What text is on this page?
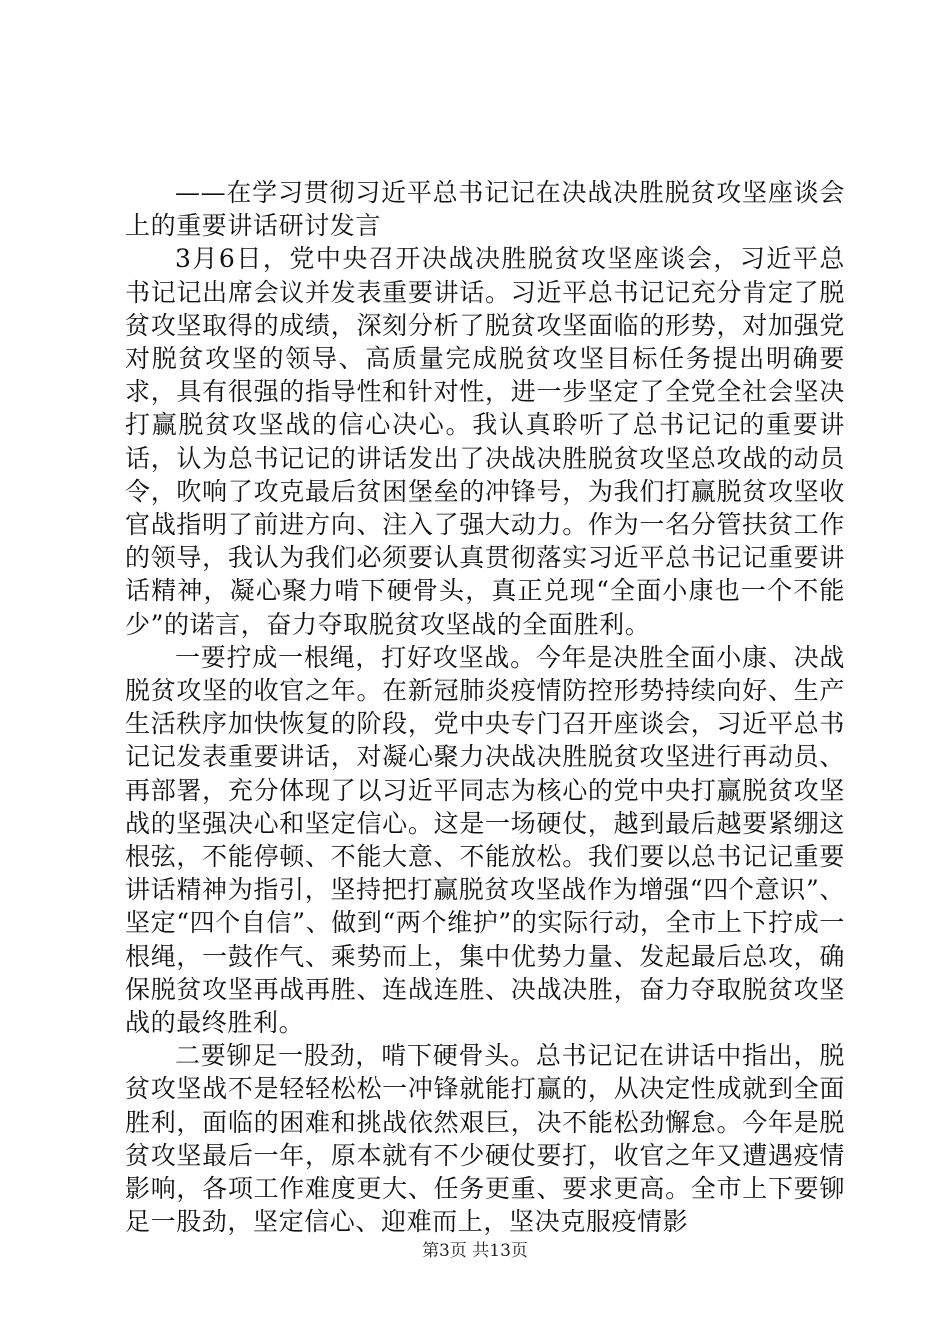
——在学习贯彻习近平总书记记在决战决胜脱贫攻坚座谈会上的重要讲话研讨发言

3月6日，党中央召开决战决胜脱贫攻坚座谈会，习近平总书记记出席会议并发表重要讲话。习近平总书记记充分肯定了脱贫攻坚取得的成绩，深刻分析了脱贫攻坚面临的形势，对加强党对脱贫攻坚的领导、高质量完成脱贫攻坚目标任务提出明确要求，具有很强的指导性和针对性，进一步坚定了全党全社会坚决打赢脱贫攻坚战的信心决心。我认真聆听了总书记记的重要讲话，认为总书记记的讲话发出了决战决胜脱贫攻坚总攻战的动员令，吹响了攻克最后贫困堡垒的冲锋号，为我们打赢脱贫攻坚收官战指明了前进方向、注入了强大动力。作为一名分管扶贫工作的领导，我认为我们必须要认真贯彻落实习近平总书记记重要讲话精神，凝心聚力啃下硬骨头，真正兑现“全面小康也一个不能少”的诺言，奋力夺取脱贫攻坚战的全面胜利。

一要拧成一根绳，打好攻坚战。今年是决胜全面小康、决战脱贫攻坚的收官之年。在新冠肺炎疫情防控形势持续向好、生产生活秩序加快恢复的阶段，党中央专门召开座谈会，习近平总书记记发表重要讲话，对凝心聚力决战决胜脱贫攻坚进行再动员、再部署，充分体现了以习近平同志为核心的党中央打赢脱贫攻坚战的坚强决心和坚定信心。这是一场硬仗，越到最后越要紧绷这根弦，不能停顿、不能大意、不能放松。我们要以总书记记重要讲话精神为指引，坚持把打赢脱贫攻坚战作为增强“四个意识”、坚定“四个自信”、做到“两个维护”的实际行动，全市上下拧成一根绳，一鼓作气、乘势而上，集中优势力量、发起最后总攻，确保脱贫攻坚再战再胜、连战连胜、决战决胜，奋力夺取脱贫攻坚战的最终胜利。

二要铆足一股劲，啃下硬骨头。总书记记在讲话中指出，脱贫攻坚战不是轻轻松松一冲锋就能打赢的，从决定性成就到全面胜利，面临的困难和挑战依然艰巨，决不能松劲懈怠。今年是脱贫攻坚最后一年，原本就有不少硬仗要打，收官之年又遭遇疫情影响，各项工作难度更大、任务更重、要求更高。全市上下要铆足一股劲，坚定信心、迎难而上，坚决克服疫情影

第3页 共13页
